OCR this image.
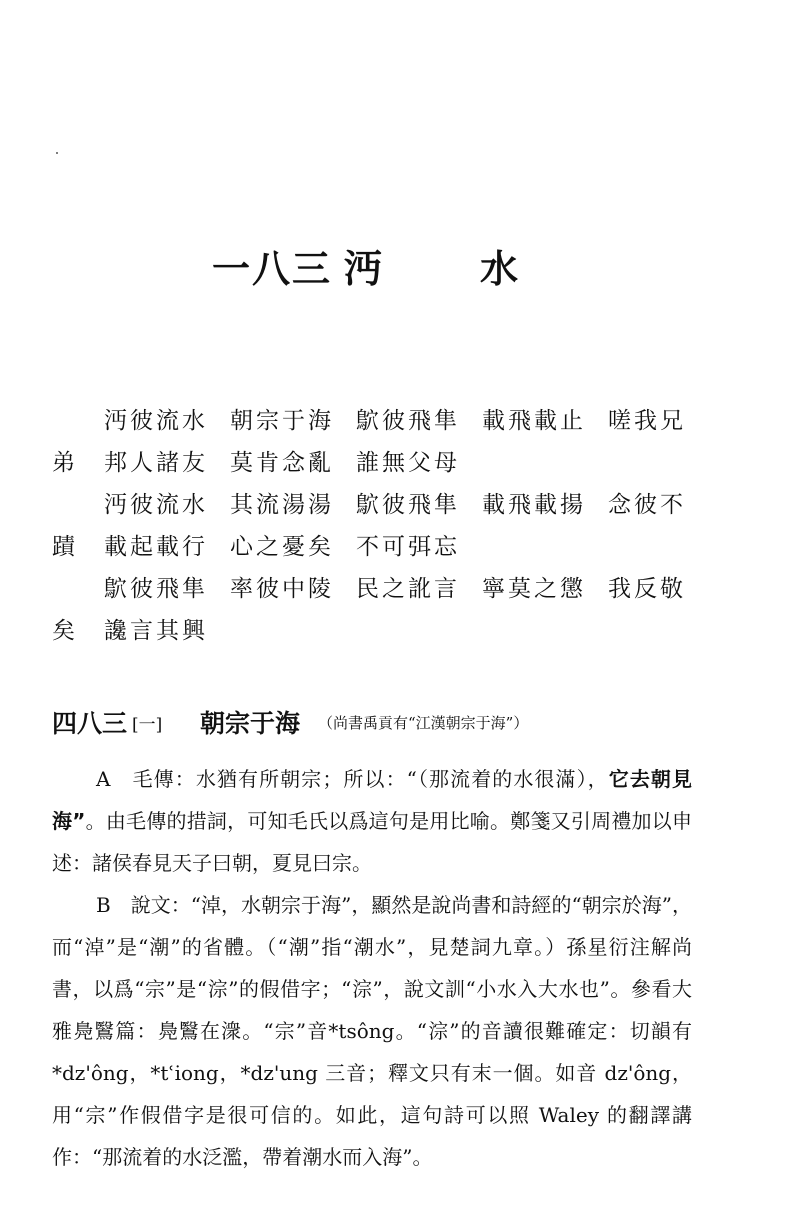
一八三 沔	水
沔彼流水 朝宗于海 鴥彼飛隼 載飛載止 嗟我兄
弟 邦人諸友 莫肯念亂 誰無父母
沔彼流水 其流湯湯 鴥彼飛隼 載飛載揚 念彼不
蹟 載起載行 心之憂矣 不可弭忘
鴥彼飛隼 率彼中陵 民之訛言 寧莫之懲 我反敬
矣 讒言其興
四八三 [一] 朝宗于海 （尚書禹貢有“江漢朝宗于海”）

A　毛傳：水猶有所朝宗；所以：“（那流着的水很滿），它去朝見海”。由毛傳的措詞，可知毛氏以爲這句是用比喻。鄭箋又引周禮加以申述：諸侯春見天子曰朝，夏見曰宗。

B　說文：“淖，水朝宗于海”，顯然是說尚書和詩經的“朝宗於海”，而“淖”是“潮”的省體。（“潮”指“潮水”，見楚詞九章。）孫星衍注解尚書，以爲“宗”是“淙”的假借字；“淙”，說文訓“小水入大水也”。參看大雅鳧鷖篇：鳧鷖在潨。“宗”音*tsông。“淙”的音讀很難確定：切韻有*dz'ông，*tʿiong，*dz'ung 三音；釋文只有末一個。如音 dz'ông，用“宗”作假借字是很可信的。如此，這句詩可以照 Waley 的翻譯講作：“那流着的水泛濫，帶着潮水而入海”。
